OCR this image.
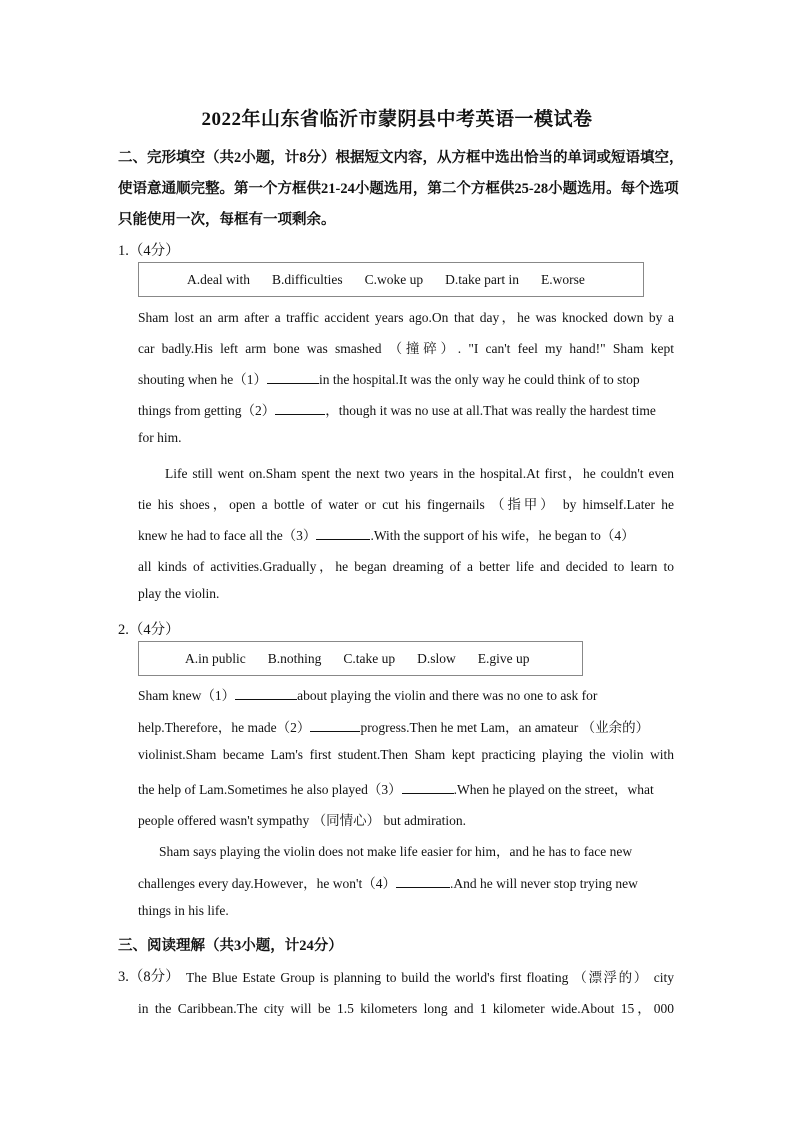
2022年山东省临沂市蒙阴县中考英语一模试卷
二、完形填空（共2小题，计8分）根据短文内容，从方框中选出恰当的单词或短语填空，
使语意通顺完整。第一个方框供21-24小题选用，第二个方框供25-28小题选用。每个选项
只能使用一次，每框有一项剩余。
1.（4分）
A.deal with B.difficulties C.woke up D.take part in E.worse
Sham lost an arm after a traffic accident years ago.On that day，he was knocked down by a
car badly.His left arm bone was smashed （撞碎）. "I can't feel my hand!" Sham kept
shouting when he（1）	in the hospital.It was the only way he could think of to stop
things from getting（2）	，though it was no use at all.That was really the hardest time
for him.
Life still went on.Sham spent the next two years in the hospital.At first，he couldn't even
tie his shoes，open a bottle of water or cut his fingernails （指甲） by himself.Later he
knew he had to face all the（3）	.With the support of his wife，he began to（4）
all kinds of activities.Gradually，he began dreaming of a better life and decided to learn to
play the violin.
2.（4分）
A.in public B.nothing C.take up D.slow E.give up
Sham knew（1）	about playing the violin and there was no one to ask for
help.Therefore，he made（2）	progress.Then he met Lam，an amateur （业余的）
violinist.Sham became Lam's first student.Then Sham kept practicing playing the violin with
the help of Lam.Sometimes he also played（3）	.When he played on the street，what
people offered wasn't sympathy （同情心） but admiration.
Sham says playing the violin does not make life easier for him，and he has to face new
challenges every day.However，he won't（4）	.And he will never stop trying new
things in his life.
三、阅读理解（共3小题，计24分）
3.（8分） The Blue Estate Group is planning to build the world's first floating （漂浮的） city
in the Caribbean.The city will be 1.5 kilometers long and 1 kilometer wide.About 15，000
